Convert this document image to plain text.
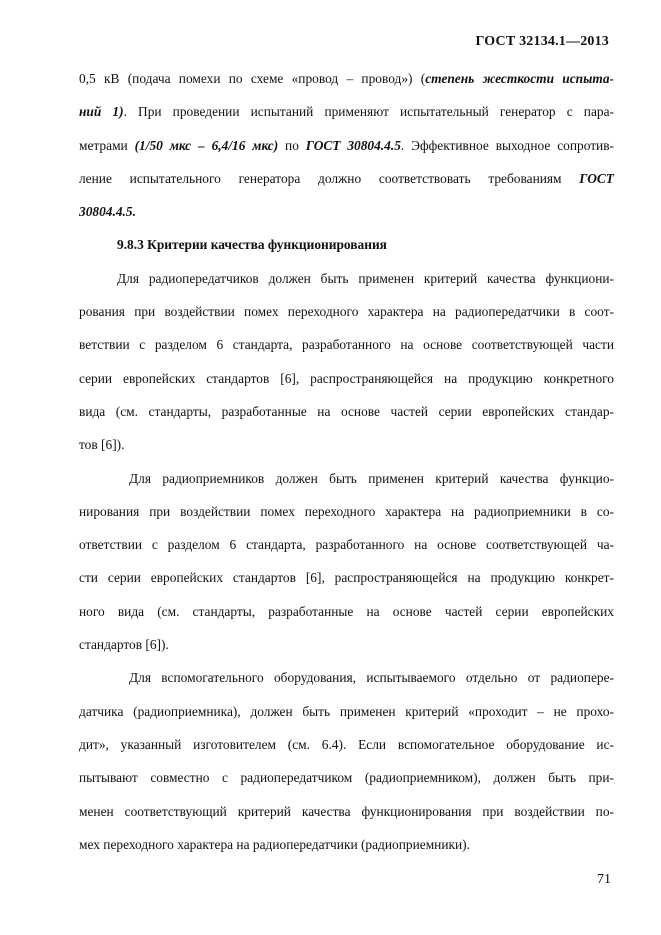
ГОСТ 32134.1—2013
0,5 кВ (подача помехи по схеме «провод – провод») (степень жесткости испыта-
ний 1). При проведении испытаний применяют испытательный генератор с пара-
метрами (1/50 мкс – 6,4/16 мкс) по ГОСТ 30804.4.5. Эффективное выходное сопротив-
ление испытательного генератора должно соответствовать требованиям ГОСТ
30804.4.5.
9.8.3 Критерии качества функционирования
Для радиопередатчиков должен быть применен критерий качества функциони-
рования при воздействии помех переходного характера на радиопередатчики в соот-
ветствии с разделом 6 стандарта, разработанного на основе соответствующей части
серии европейских стандартов [6], распространяющейся на продукцию конкретного
вида (см. стандарты, разработанные на основе частей серии европейских стандар-
тов [6]).
Для радиоприемников должен быть применен критерий качества функцио-
нирования при воздействии помех переходного характера на радиоприемники в со-
ответствии с разделом 6 стандарта, разработанного на основе соответствующей ча-
сти серии европейских стандартов [6], распространяющейся на продукцию конкрет-
ного вида (см. стандарты, разработанные на основе частей серии европейских
стандартов [6]).
Для вспомогательного оборудования, испытываемого отдельно от радиопере-
датчика (радиоприемника), должен быть применен критерий «проходит – не прохо-
дит», указанный изготовителем (см. 6.4). Если вспомогательное оборудование ис-
пытывают совместно с радиопередатчиком (радиоприемником), должен быть при-
менен соответствующий критерий качества функционирования при воздействии по-
мех переходного характера на радиопередатчики (радиоприемники).
71
